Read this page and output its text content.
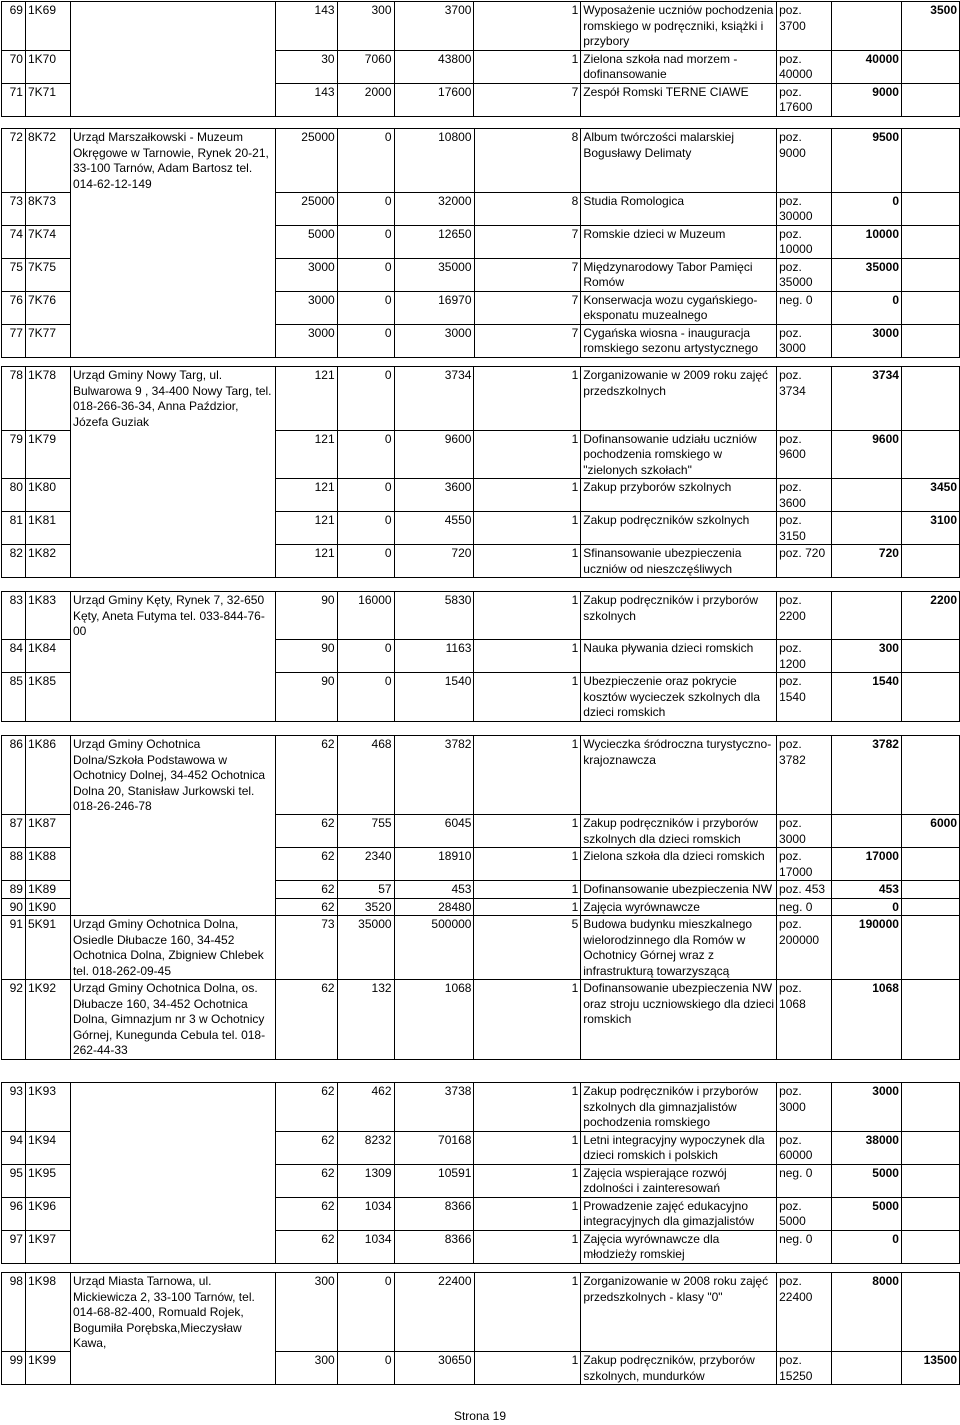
69	1K69		143	300	3700	1	Wyposażenie uczniów pochodzenia romskiego w podręczniki, książki i przybory	poz. 3700		3500
70	1K70		30	7060	43800	1	Zielona szkoła nad morzem - dofinansowanie	poz. 40000	40000	
71	7K71		143	2000	17600	7	Zespół Romski TERNE CIAWE	poz. 17600	9000	
72	8K72	Urząd Marszałkowski - Muzeum Okręgowe w Tarnowie, Rynek 20-21, 33-100 Tarnów, Adam Bartosz tel. 014-62-12-149	25000	0	10800	8	Album twórczości malarskiej Bogusławy Delimaty	poz. 9000	9500	
73	8K73		25000	0	32000	8	Studia Romologica	poz. 30000	0	
74	7K74		5000	0	12650	7	Romskie dzieci w Muzeum	poz. 10000	10000	
75	7K75		3000	0	35000	7	Międzynarodowy Tabor Pamięci Romów	poz. 35000	35000	
76	7K76		3000	0	16970	7	Konserwacja wozu cygańskiego-eksponatu muzealnego	neg. 0	0	
77	7K77		3000	0	3000	7	Cygańska wiosna - inauguracja romskiego sezonu artystycznego	poz. 3000	3000	
78	1K78	Urząd Gminy Nowy Targ, ul. Bulwarowa 9 , 34-400 Nowy Targ, tel. 018-266-36-34, Anna Paździor, Józefa Guziak	121	0	3734	1	Zorganizowanie w 2009 roku zajęć przedszkolnych	poz. 3734	3734	
79	1K79		121	0	9600	1	Dofinansowanie udziału uczniów pochodzenia romskiego w "zielonych szkołach"	poz. 9600	9600	
80	1K80		121	0	3600	1	Zakup przyborów szkolnych	poz. 3600		3450
81	1K81		121	0	4550	1	Zakup podręczników szkolnych	poz. 3150		3100
82	1K82		121	0	720	1	Sfinansowanie ubezpieczenia uczniów od nieszczęśliwych	poz. 720	720	
83	1K83	Urząd Gminy Kęty, Rynek 7, 32-650 Kęty, Aneta Futyma tel. 033-844-76-00	90	16000	5830	1	Zakup podręczników i przyborów szkolnych	poz. 2200		2200
84	1K84		90	0	1163	1	Nauka pływania dzieci romskich	poz. 1200	300	
85	1K85		90	0	1540	1	Ubezpieczenie oraz pokrycie kosztów wycieczek szkolnych dla dzieci romskich	poz. 1540	1540	
86	1K86	Urząd Gminy Ochotnica Dolna/Szkoła Podstawowa w Ochotnicy Dolnej, 34-452 Ochotnica Dolna 20, Stanisław Jurkowski tel. 018-26-246-78	62	468	3782	1	Wycieczka śródroczna turystyczno-krajoznawcza	poz. 3782	3782	
87	1K87		62	755	6045	1	Zakup podręczników i przyborów szkolnych dla dzieci romskich	poz. 3000		6000
88	1K88		62	2340	18910	1	Zielona szkoła dla dzieci romskich	poz. 17000	17000	
89	1K89		62	57	453	1	Dofinansowanie ubezpieczenia NW	poz. 453	453	
90	1K90		62	3520	28480	1	Zajęcia wyrównawcze	neg. 0	0	
91	5K91	Urząd Gminy Ochotnica Dolna, Osiedle Dłubacze 160, 34-452 Ochotnica Dolna, Zbigniew Chlebek tel. 018-262-09-45	73	35000	500000	5	Budowa budynku mieszkalnego wielorodzinnego dla Romów w Ochotnicy Górnej wraz z infrastrukturą towarzyszącą	poz. 200000	190000	
92	1K92	Urząd Gminy Ochotnica Dolna, os. Dłubacze 160, 34-452 Ochotnica Dolna, Gimnazjum nr 3 w Ochotnicy Górnej, Kunegunda Cebula tel. 018-262-44-33	62	132	1068	1	Dofinansowanie ubezpieczenia NW oraz stroju uczniowskiego dla dzieci romskich	poz. 1068	1068	
93	1K93		62	462	3738	1	Zakup podręczników i przyborów szkolnych dla gimnazjalistów pochodzenia romskiego	poz. 3000	3000	
94	1K94		62	8232	70168	1	Letni integracyjny wypoczynek dla dzieci romskich i polskich	poz. 60000	38000	
95	1K95		62	1309	10591	1	Zajęcia wspierające rozwój zdolności i zainteresowań	neg. 0	5000	
96	1K96		62	1034	8366	1	Prowadzenie zajęć edukacyjno integracyjnych dla gimazjalistów	poz. 5000	5000	
97	1K97		62	1034	8366	1	Zajęcia wyrównawcze dla młodzieży romskiej	neg. 0	0	
98	1K98	Urząd Miasta Tarnowa, ul. Mickiewicza 2, 33-100 Tarnów, tel. 014-68-82-400, Romuald Rojek, Bogumiła Porębska,Mieczysław Kawa,	300	0	22400	1	Zorganizowanie w 2008 roku zajęć przedszkolnych - klasy "0"	poz. 22400	8000	
99	1K99		300	0	30650	1	Zakup podręczników, przyborów szkolnych, mundurków	poz. 15250		13500
Strona 19
